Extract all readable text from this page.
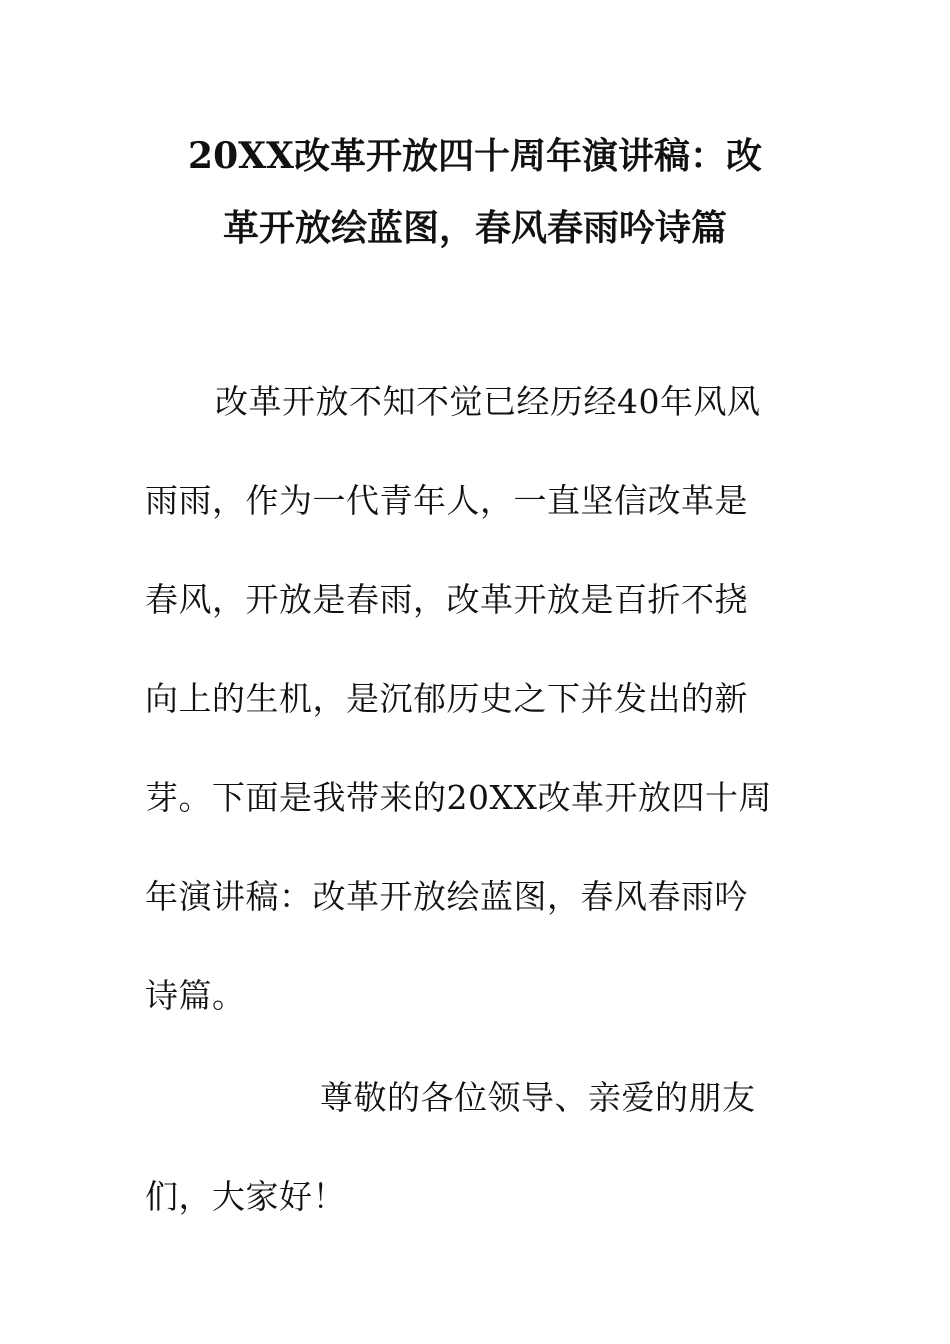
20XX改革开放四十周年演讲稿：改
革开放绘蓝图，春风春雨吟诗篇
改革开放不知不觉已经历经40年风风
雨雨，作为一代青年人，一直坚信改革是
春风，开放是春雨，改革开放是百折不挠
向上的生机，是沉郁历史之下并发出的新
芽。下面是我带来的20XX改革开放四十周
年演讲稿：改革开放绘蓝图，春风春雨吟
诗篇。
尊敬的各位领导、亲爱的朋友
们，大家好！
